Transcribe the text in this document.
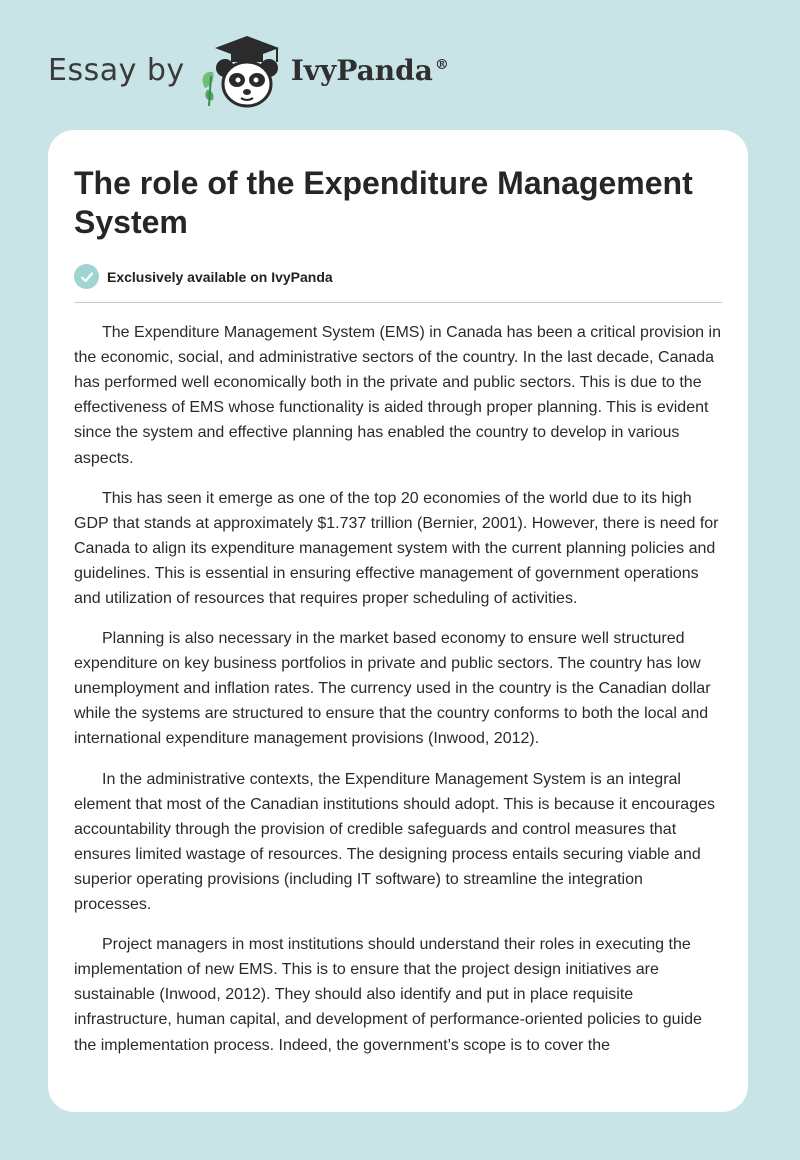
Essay by	IvyPanda ®
The role of the Expenditure Management System
Exclusively available on IvyPanda

The Expenditure Management System (EMS) in Canada has been a critical provision in the economic, social, and administrative sectors of the country. In the last decade, Canada has performed well economically both in the private and public sectors. This is due to the effectiveness of EMS whose functionality is aided through proper planning. This is evident since the system and effective planning has enabled the country to develop in various aspects.

This has seen it emerge as one of the top 20 economies of the world due to its high GDP that stands at approximately $1.737 trillion (Bernier, 2001). However, there is need for Canada to align its expenditure management system with the current planning policies and guidelines. This is essential in ensuring effective management of government operations and utilization of resources that requires proper scheduling of activities.

Planning is also necessary in the market based economy to ensure well structured expenditure on key business portfolios in private and public sectors. The country has low unemployment and inflation rates. The currency used in the country is the Canadian dollar while the systems are structured to ensure that the country conforms to both the local and international expenditure management provisions (Inwood, 2012).

In the administrative contexts, the Expenditure Management System is an integral element that most of the Canadian institutions should adopt. This is because it encourages accountability through the provision of credible safeguards and control measures that ensures limited wastage of resources. The designing process entails securing viable and superior operating provisions (including IT software) to streamline the integration processes.

Project managers in most institutions should understand their roles in executing the implementation of new EMS. This is to ensure that the project design initiatives are sustainable (Inwood, 2012). They should also identify and put in place requisite infrastructure, human capital, and development of performance-oriented policies to guide the implementation process. Indeed, the government’s scope is to cover the
